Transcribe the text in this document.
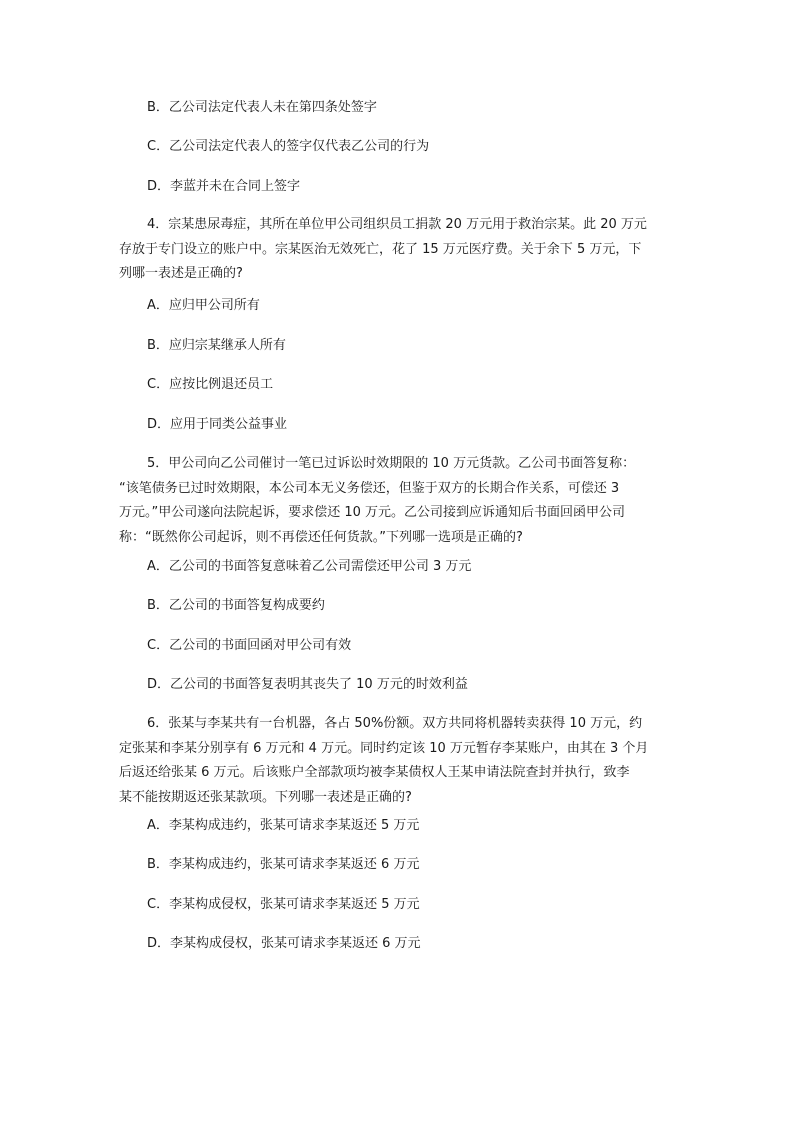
B．乙公司法定代表人未在第四条处签字
C．乙公司法定代表人的签字仅代表乙公司的行为
D．李蓝并未在合同上签字
4．宗某患尿毒症，其所在单位甲公司组织员工捐款 20 万元用于救治宗某。此 20 万元
存放于专门设立的账户中。宗某医治无效死亡，花了 15 万元医疗费。关于余下 5 万元，下
列哪一表述是正确的?
A．应归甲公司所有
B．应归宗某继承人所有
C．应按比例退还员工
D．应用于同类公益事业
5．甲公司向乙公司催讨一笔已过诉讼时效期限的 10 万元货款。乙公司书面答复称：
“该笔债务已过时效期限，本公司本无义务偿还，但鉴于双方的长期合作关系，可偿还 3
万元。”甲公司遂向法院起诉，要求偿还 10 万元。乙公司接到应诉通知后书面回函甲公司
称：“既然你公司起诉，则不再偿还任何货款。”下列哪一选项是正确的?
A．乙公司的书面答复意味着乙公司需偿还甲公司 3 万元
B．乙公司的书面答复构成要约
C．乙公司的书面回函对甲公司有效
D．乙公司的书面答复表明其丧失了 10 万元的时效利益
6．张某与李某共有一台机器，各占 50%份额。双方共同将机器转卖获得 10 万元，约
定张某和李某分别享有 6 万元和 4 万元。同时约定该 10 万元暂存李某账户，由其在 3 个月
后返还给张某 6 万元。后该账户全部款项均被李某债权人王某申请法院查封并执行，致李
某不能按期返还张某款项。下列哪一表述是正确的?
A．李某构成违约，张某可请求李某返还 5 万元
B．李某构成违约，张某可请求李某返还 6 万元
C．李某构成侵权，张某可请求李某返还 5 万元
D．李某构成侵权，张某可请求李某返还 6 万元
